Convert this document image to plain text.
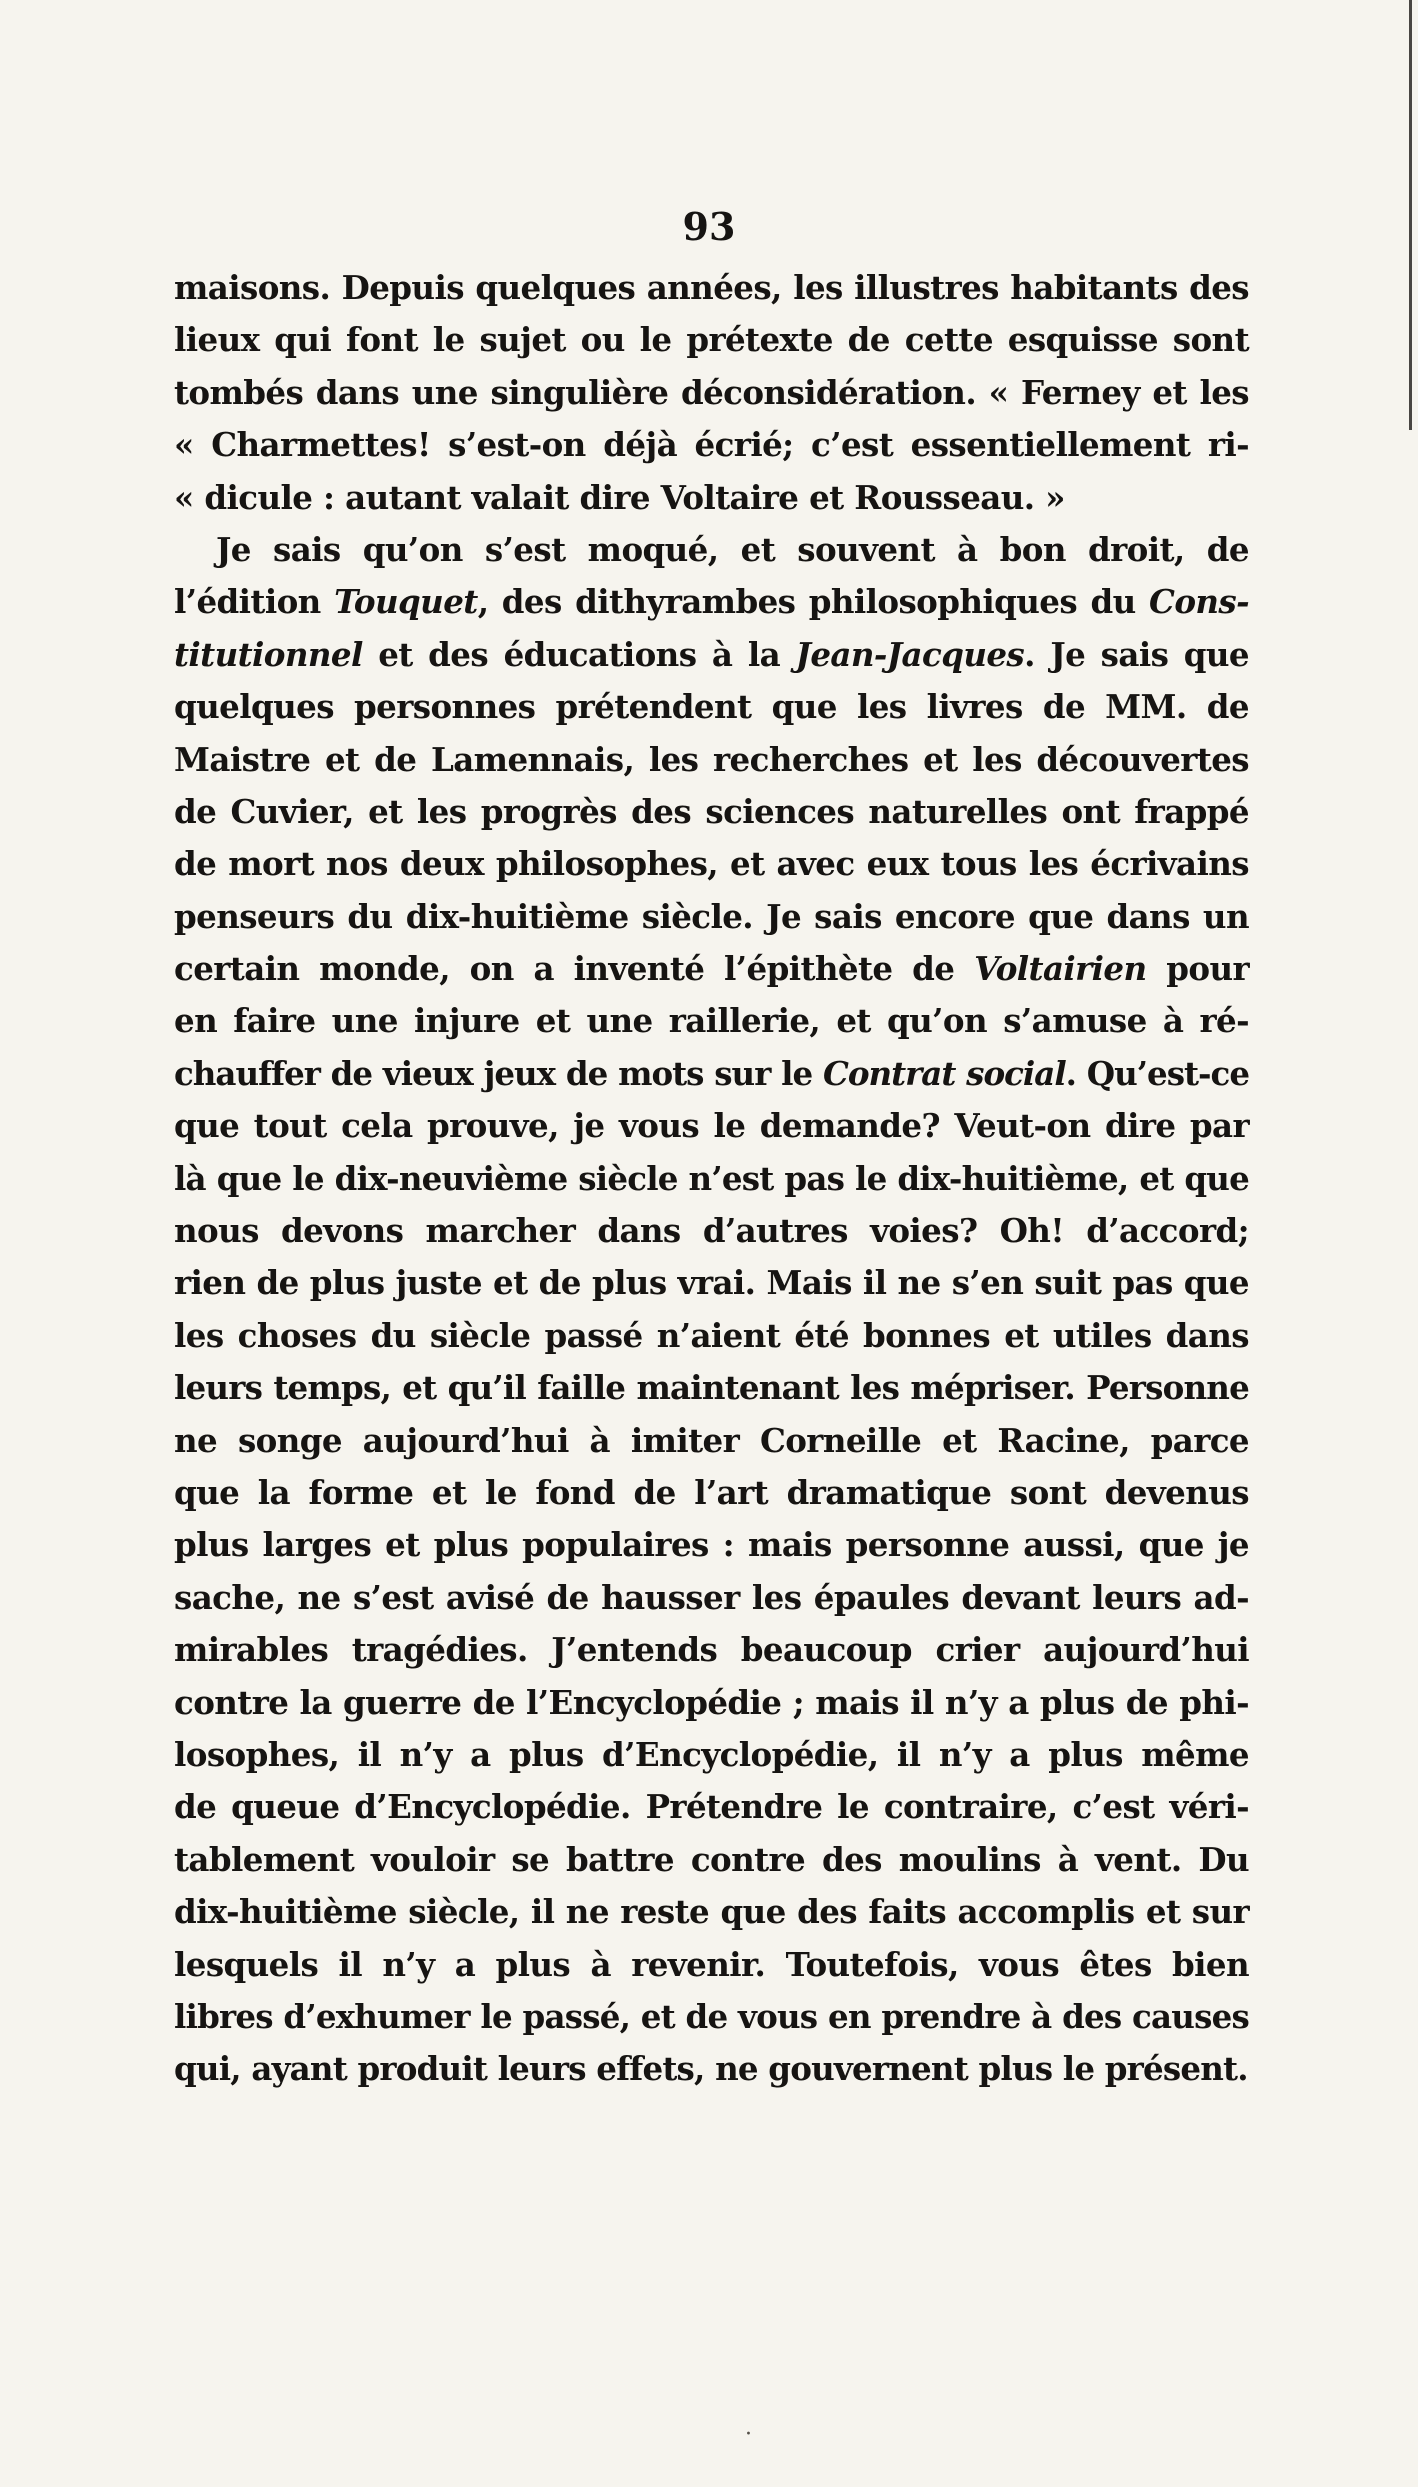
93
maisons. Depuis quelques années, les illustres habitants des
lieux qui font le sujet ou le prétexte de cette esquisse sont
tombés dans une singulière déconsidération. « Ferney et les
« Charmettes! s’est-on déjà écrié; c’est essentiellement ri-
« dicule : autant valait dire Voltaire et Rousseau. »
Je sais qu’on s’est moqué, et souvent à bon droit, de
l’édition Touquet, des dithyrambes philosophiques du Cons-
titutionnel et des éducations à la Jean-Jacques. Je sais que
quelques personnes prétendent que les livres de MM. de
Maistre et de Lamennais, les recherches et les découvertes
de Cuvier, et les progrès des sciences naturelles ont frappé
de mort nos deux philosophes, et avec eux tous les écrivains
penseurs du dix-huitième siècle. Je sais encore que dans un
certain monde, on a inventé l’épithète de Voltairien pour
en faire une injure et une raillerie, et qu’on s’amuse à ré-
chauffer de vieux jeux de mots sur le Contrat social. Qu’est-ce
que tout cela prouve, je vous le demande? Veut-on dire par
là que le dix-neuvième siècle n’est pas le dix-huitième, et que
nous devons marcher dans d’autres voies? Oh! d’accord;
rien de plus juste et de plus vrai. Mais il ne s’en suit pas que
les choses du siècle passé n’aient été bonnes et utiles dans
leurs temps, et qu’il faille maintenant les mépriser. Personne
ne songe aujourd’hui à imiter Corneille et Racine, parce
que la forme et le fond de l’art dramatique sont devenus
plus larges et plus populaires : mais personne aussi, que je
sache, ne s’est avisé de hausser les épaules devant leurs ad-
mirables tragédies. J’entends beaucoup crier aujourd’hui
contre la guerre de l’Encyclopédie ; mais il n’y a plus de phi-
losophes, il n’y a plus d’Encyclopédie, il n’y a plus même
de queue d’Encyclopédie. Prétendre le contraire, c’est véri-
tablement vouloir se battre contre des moulins à vent. Du
dix-huitième siècle, il ne reste que des faits accomplis et sur
lesquels il n’y a plus à revenir. Toutefois, vous êtes bien
libres d’exhumer le passé, et de vous en prendre à des causes
qui, ayant produit leurs effets, ne gouvernent plus le présent.
·
